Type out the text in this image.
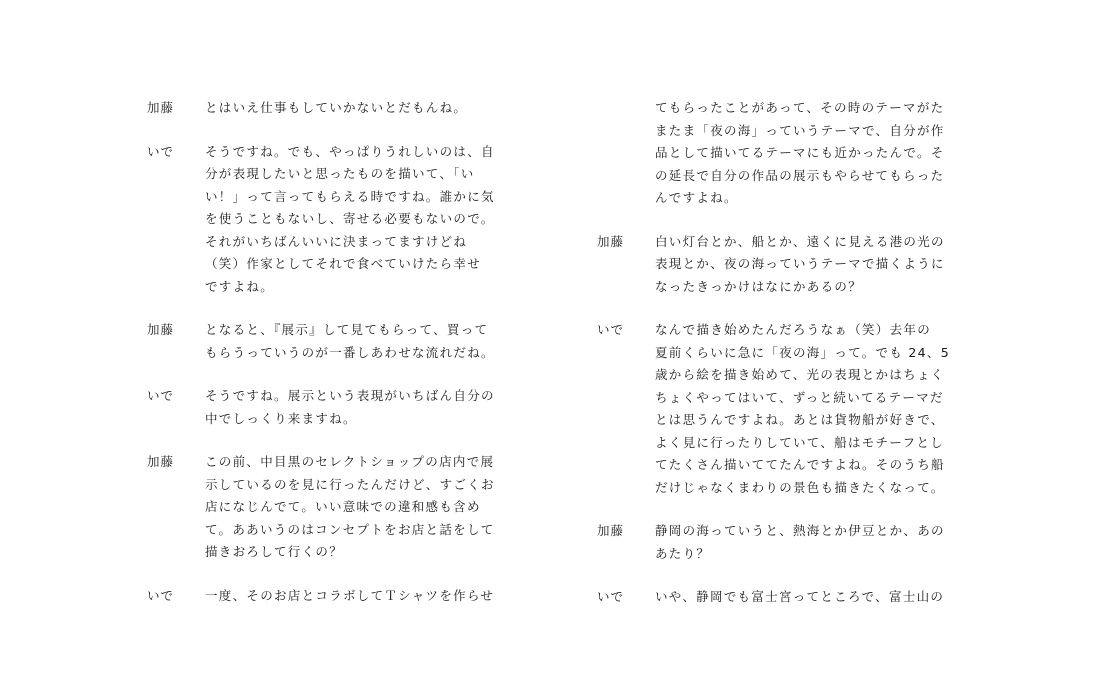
加藤	とはいえ仕事もしていかないとだもんね。
いで	そうですね。でも、やっぱりうれしいのは、自
分が表現したいと思ったものを描いて、「い
い！」って言ってもらえる時ですね。誰かに気
を使うこともないし、寄せる必要もないので。
それがいちばんいいに決まってますけどね
（笑）作家としてそれで食べていけたら幸せ
ですよね。
加藤	となると、『展示』して見てもらって、買って
もらうっていうのが一番しあわせな流れだね。
いで	そうですね。展示という表現がいちばん自分の
中でしっくり来ますね。
加藤	この前、中目黒のセレクトショップの店内で展
示しているのを見に行ったんだけど、すごくお
店になじんでて。いい意味での違和感も含め
て。ああいうのはコンセプトをお店と話をして
描きおろして行くの？
いで	一度、そのお店とコラボしてＴシャツを作らせ
てもらったことがあって、その時のテーマがた
またま「夜の海」っていうテーマで、自分が作
品として描いてるテーマにも近かったんで。そ
の延長で自分の作品の展示もやらせてもらった
んですよね。
加藤	白い灯台とか、船とか、遠くに見える港の光の
表現とか、夜の海っていうテーマで描くように
なったきっかけはなにかあるの？
いで	なんで描き始めたんだろうなぁ（笑）去年の
夏前くらいに急に「夜の海」って。でも 24、5
歳から絵を描き始めて、光の表現とかはちょく
ちょくやってはいて、ずっと続いてるテーマだ
とは思うんですよね。あとは貨物船が好きで、
よく見に行ったりしていて、船はモチーフとし
てたくさん描いててたんですよね。そのうち船
だけじゃなくまわりの景色も描きたくなって。
加藤	静岡の海っていうと、熱海とか伊豆とか、あの
あたり？
いで	いや、静岡でも富士宮ってところで、富士山の
